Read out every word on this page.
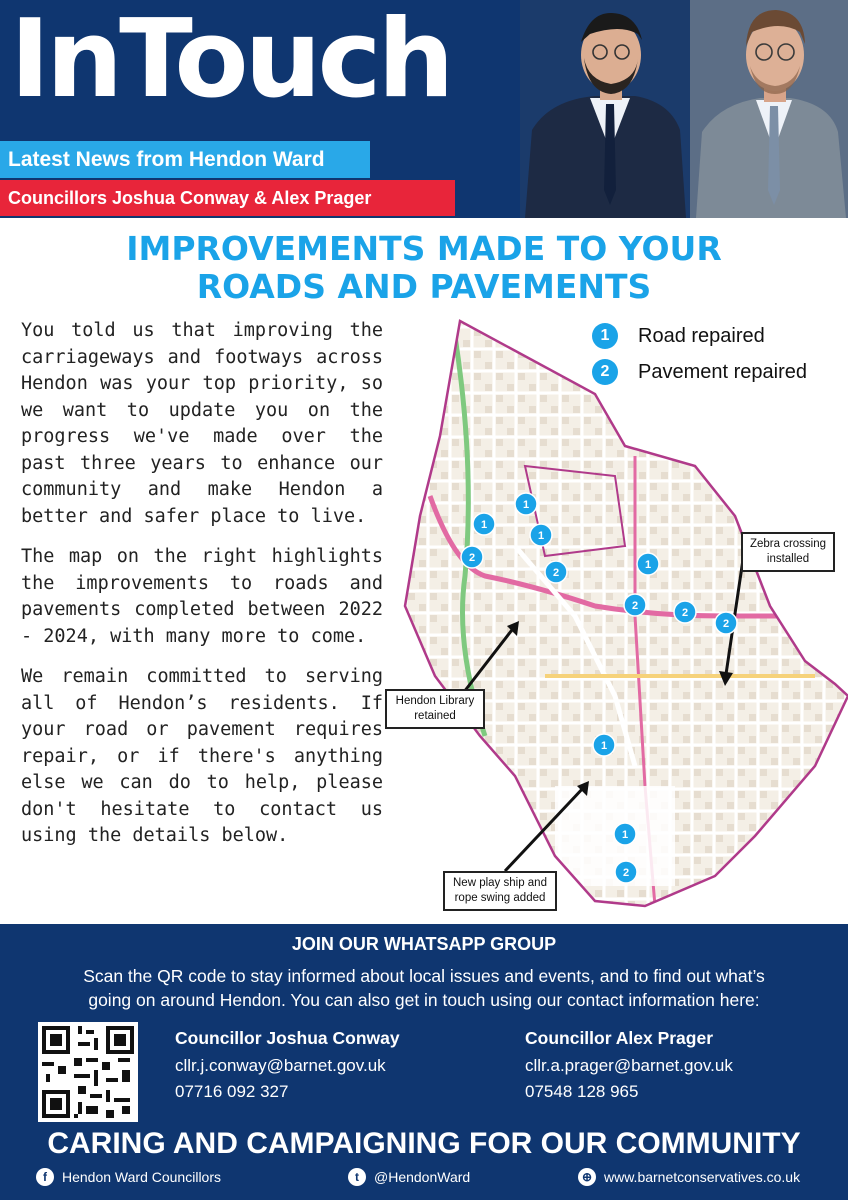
InTouch
Latest News from Hendon Ward
Councillors Joshua Conway & Alex Prager
IMPROVEMENTS MADE TO YOUR
ROADS AND PAVEMENTS

You told us that improving the carriageways and footways across Hendon was your top priority, so we want to update you on the progress we've made over the past three years to enhance our community and make Hendon a better and safer place to live.

The map on the right highlights the improvements to roads and pavements completed between 2022 - 2024, with many more to come.

We remain committed to serving all of Hendon’s residents. If your road or pavement requires repair, or if there's anything else we can do to help, please don't hesitate to contact us using the details below.

1
1
1
2
2
1
2
2
2
1
1
2
1	Road repaired
2	Pavement repaired
Zebra crossing
installed
Hendon Library
retained
New play ship and
rope swing added
JOIN OUR WHATSAPP GROUP
Scan the QR code to stay informed about local issues and events, and to find out what’s
going on around Hendon. You can also get in touch using our contact information here:
Councillor Joshua Conway
cllr.j.conway@barnet.gov.uk
07716 092 327
Councillor Alex Prager
cllr.a.prager@barnet.gov.uk
07548 128 965
CARING AND CAMPAIGNING FOR OUR COMMUNITY
f	Hendon Ward Councillors	t	@HendonWard	⊕ www.barnetconservatives.co.uk
